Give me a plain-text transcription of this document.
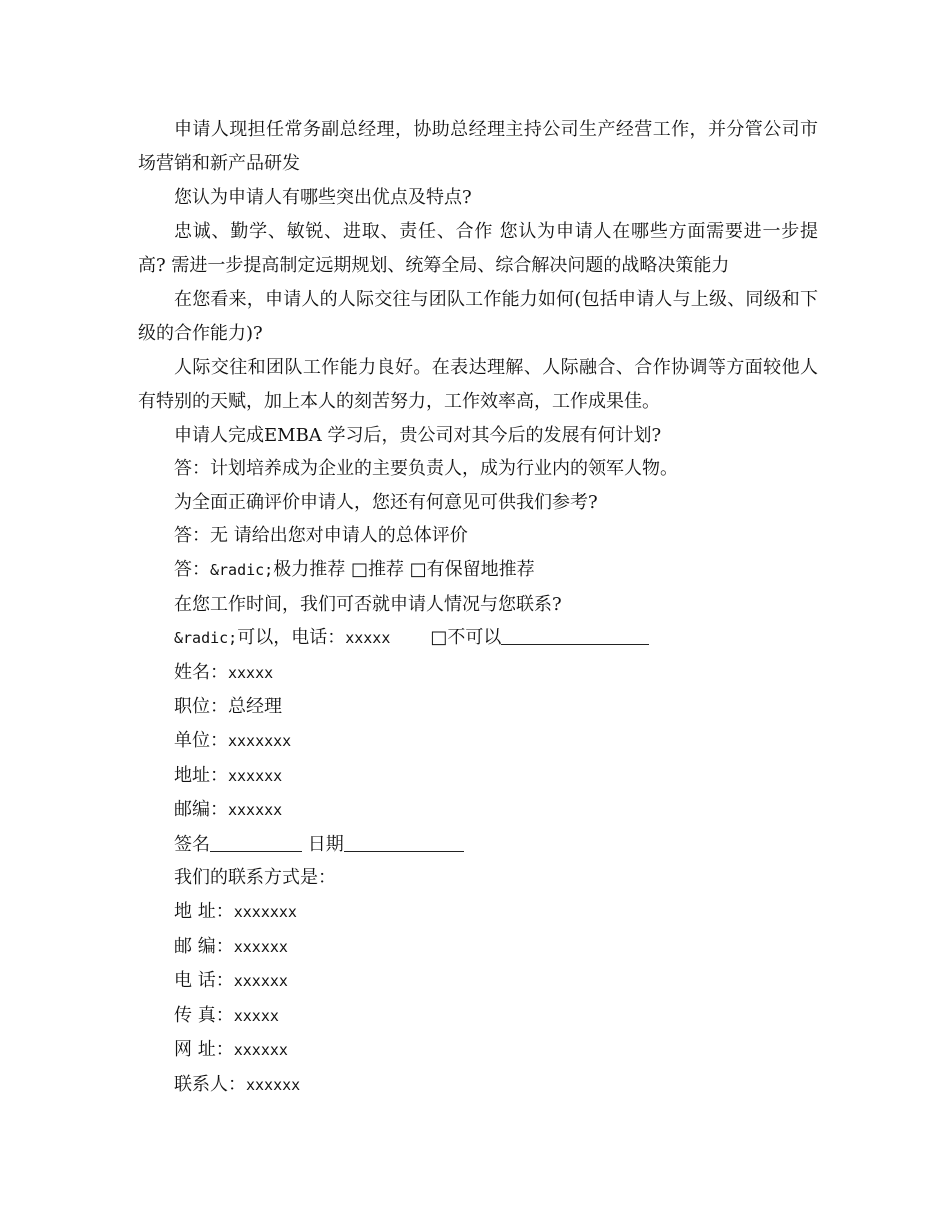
申请人现担任常务副总经理，协助总经理主持公司生产经营工作，并分管公司市场营销和新产品研发

您认为申请人有哪些突出优点及特点?

忠诚、勤学、敏锐、进取、责任、合作 您认为申请人在哪些方面需要进一步提高? 需进一步提高制定远期规划、统筹全局、综合解决问题的战略决策能力

在您看来，申请人的人际交往与团队工作能力如何(包括申请人与上级、同级和下级的合作能力)?

人际交往和团队工作能力良好。在表达理解、人际融合、合作协调等方面较他人有特别的天赋，加上本人的刻苦努力，工作效率高，工作成果佳。

申请人完成EMBA 学习后，贵公司对其今后的发展有何计划?

答：计划培养成为企业的主要负责人，成为行业内的领军人物。

为全面正确评价申请人，您还有何意见可供我们参考?

答：无 请给出您对申请人的总体评价

答：&radic;极力推荐 □推荐 □有保留地推荐

在您工作时间，我们可否就申请人情况与您联系?

&radic;可以，电话：xxxxx □不可以

姓名：xxxxx

职位：总经理

单位：xxxxxxx

地址：xxxxxx

邮编：xxxxxx

签名	日期

我们的联系方式是：

地 址：xxxxxxx

邮 编：xxxxxx

电 话：xxxxxx

传 真：xxxxx

网 址：xxxxxx

联系人：xxxxxx
